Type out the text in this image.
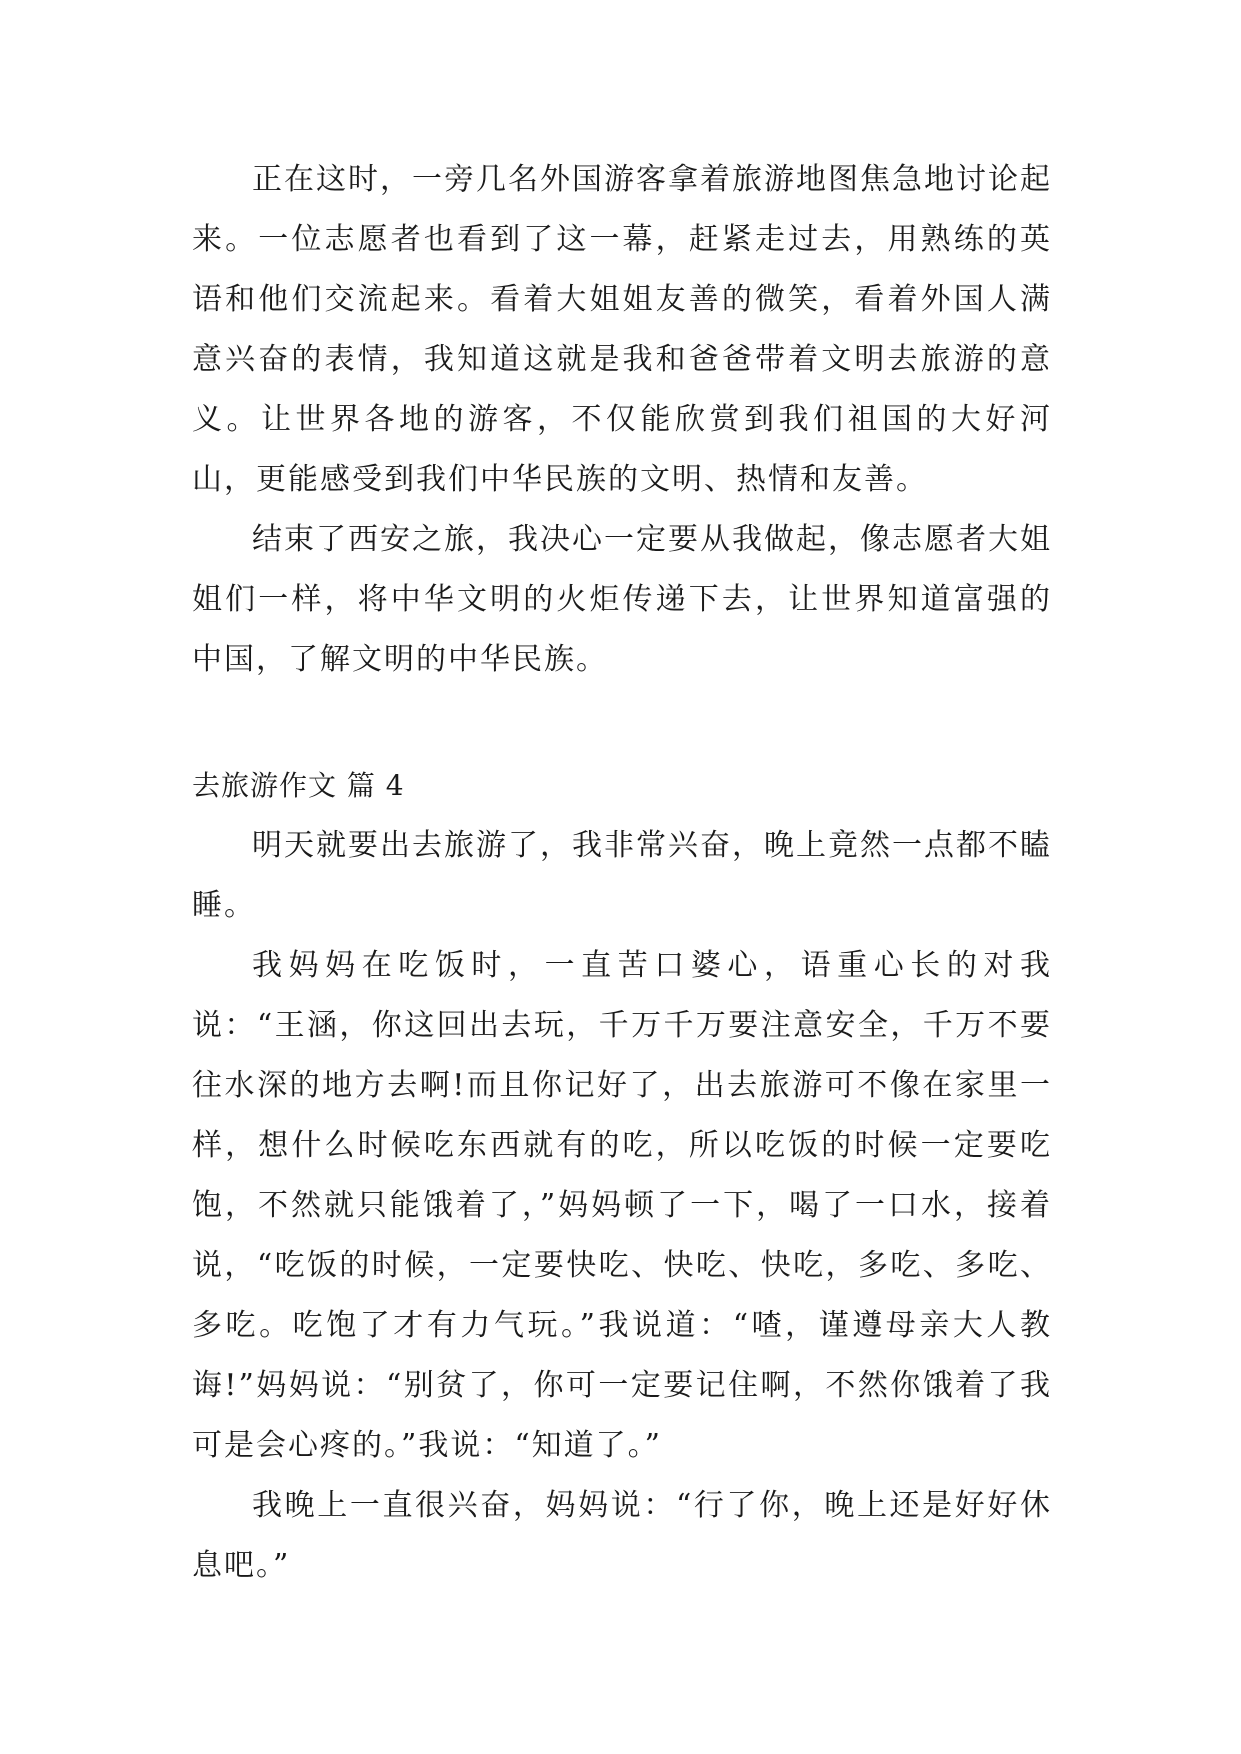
正在这时，一旁几名外国游客拿着旅游地图焦急地讨论起来。一位志愿者也看到了这一幕，赶紧走过去，用熟练的英语和他们交流起来。看着大姐姐友善的微笑，看着外国人满意兴奋的表情，我知道这就是我和爸爸带着文明去旅游的意义。让世界各地的游客，不仅能欣赏到我们祖国的大好河山，更能感受到我们中华民族的文明、热情和友善。

结束了西安之旅，我决心一定要从我做起，像志愿者大姐姐们一样，将中华文明的火炬传递下去，让世界知道富强的中国，了解文明的中华民族。

去旅游作文 篇 4

明天就要出去旅游了，我非常兴奋，晚上竟然一点都不瞌睡。

我妈妈在吃饭时，一直苦口婆心，语重心长的对我说：“王涵，你这回出去玩，千万千万要注意安全，千万不要往水深的地方去啊!而且你记好了，出去旅游可不像在家里一样，想什么时候吃东西就有的吃，所以吃饭的时候一定要吃饱，不然就只能饿着了，”妈妈顿了一下，喝了一口水，接着说，“吃饭的时候，一定要快吃、快吃、快吃，多吃、多吃、多吃。吃饱了才有力气玩。”我说道：“喳，谨遵母亲大人教诲!”妈妈说：“别贫了，你可一定要记住啊，不然你饿着了我可是会心疼的。”我说：“知道了。”

我晚上一直很兴奋，妈妈说：“行了你，晚上还是好好休息吧。”
